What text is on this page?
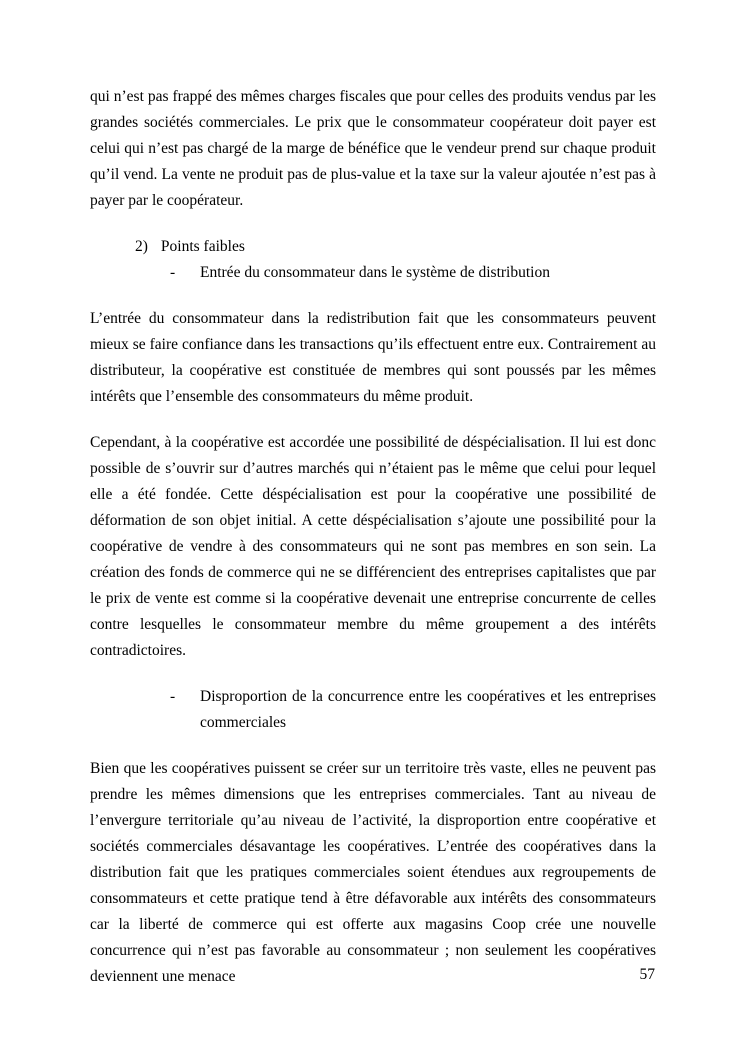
qui n’est pas frappé des mêmes charges fiscales que pour celles des produits vendus par les grandes sociétés commerciales. Le prix que le consommateur coopérateur doit payer est celui qui n’est pas chargé de la marge de bénéfice que le vendeur prend sur chaque produit qu’il vend. La vente ne produit pas de plus-value et la taxe sur la valeur ajoutée n’est pas à payer par le coopérateur.

2) Points faibles
- Entrée du consommateur dans le système de distribution

L’entrée du consommateur dans la redistribution fait que les consommateurs peuvent mieux se faire confiance dans les transactions qu’ils effectuent entre eux. Contrairement au distributeur, la coopérative est constituée de membres qui sont poussés par les mêmes intérêts que l’ensemble des consommateurs du même produit.

Cependant, à la coopérative est accordée une possibilité de déspécialisation. Il lui est donc possible de s’ouvrir sur d’autres marchés qui n’étaient pas le même que celui pour lequel elle a été fondée. Cette déspécialisation est pour la coopérative une possibilité de déformation de son objet initial. A cette déspécialisation s’ajoute une possibilité pour la coopérative de vendre à des consommateurs qui ne sont pas membres en son sein. La création des fonds de commerce qui ne se différencient des entreprises capitalistes que par le prix de vente est comme si la coopérative devenait une entreprise concurrente de celles contre lesquelles le consommateur membre du même groupement a des intérêts contradictoires.

- Disproportion de la concurrence entre les coopératives et les entreprises commerciales

Bien que les coopératives puissent se créer sur un territoire très vaste, elles ne peuvent pas prendre les mêmes dimensions que les entreprises commerciales. Tant au niveau de l’envergure territoriale qu’au niveau de l’activité, la disproportion entre coopérative et sociétés commerciales désavantage les coopératives. L’entrée des coopératives dans la distribution fait que les pratiques commerciales soient étendues aux regroupements de consommateurs et cette pratique tend à être défavorable aux intérêts des consommateurs car la liberté de commerce qui est offerte aux magasins Coop crée une nouvelle concurrence qui n’est pas favorable au consommateur ; non seulement les coopératives deviennent une menace	57
